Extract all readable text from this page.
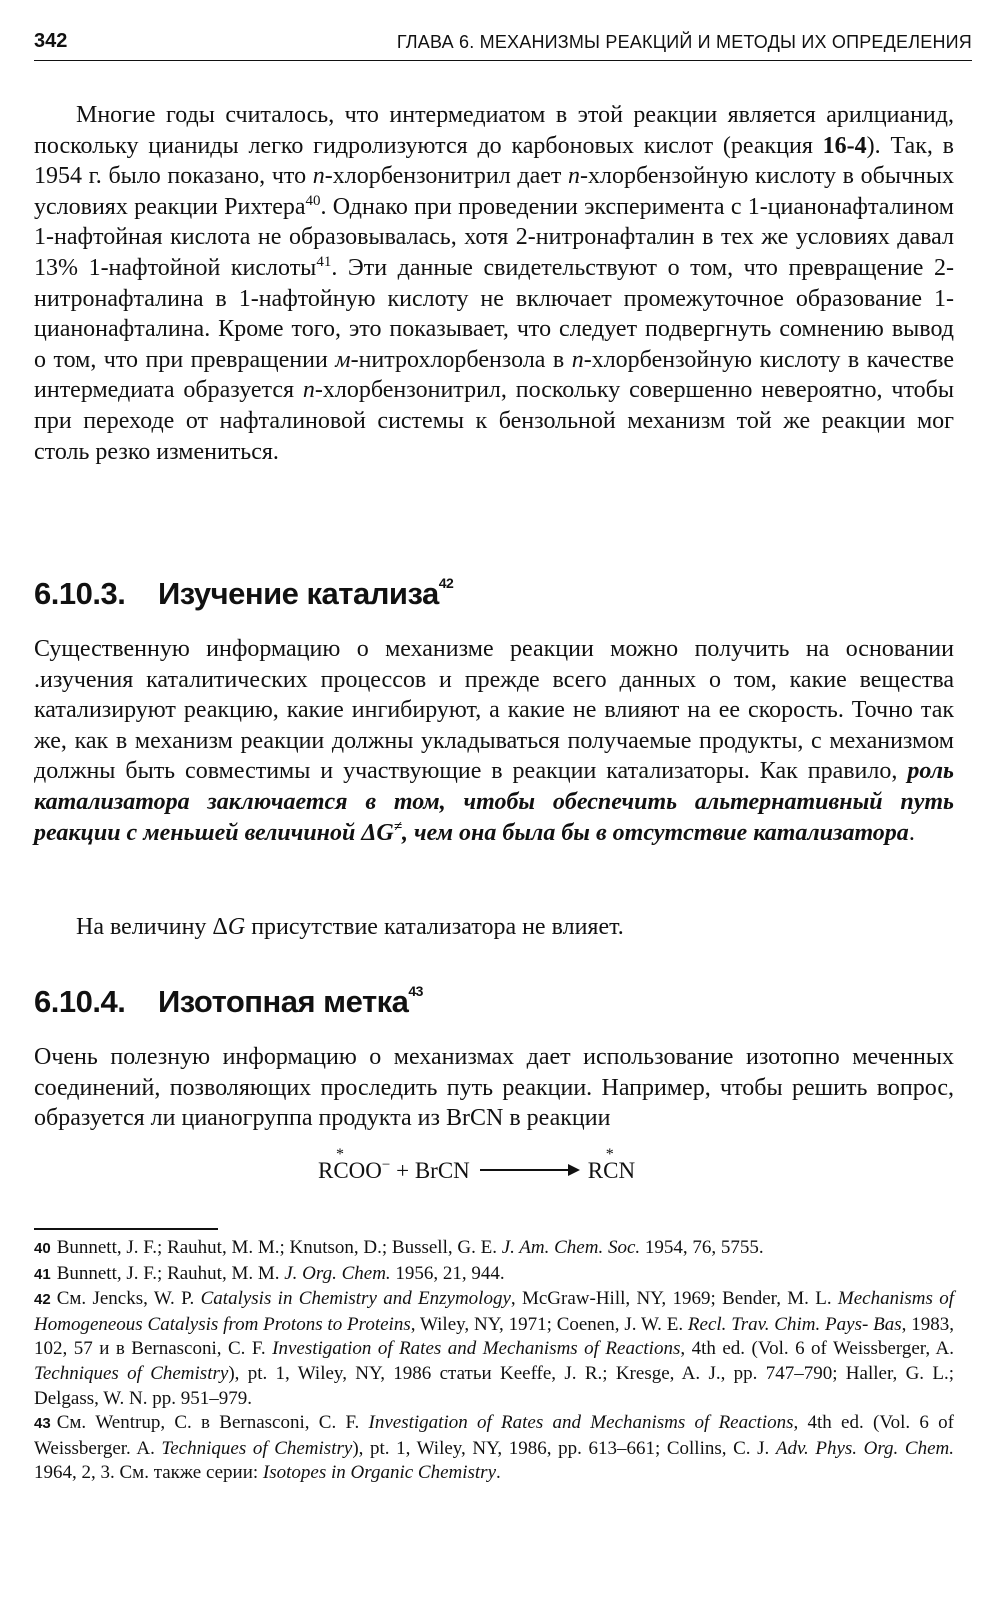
342	ГЛАВА 6. МЕХАНИЗМЫ РЕАКЦИЙ И МЕТОДЫ ИХ ОПРЕДЕЛЕНИЯ

Многие годы считалось, что интермедиатом в этой реакции является арилцианид, поскольку цианиды легко гидролизуются до карбоновых кислот (реакция 16-4). Так, в 1954 г. было показано, что п-хлорбензонитрил дает п-хлорбензойную кислоту в обычных условиях реакции Рихтера$^{40}$. Однако при проведении эксперимента с 1-цианонафталином 1-нафтойная кислота не образовывалась, хотя 2-нитронафталин в тех же условиях давал 13% 1-нафтойной кислоты$^{41}$. Эти данные свидетельствуют о том, что превращение 2-нитронафталина в 1-нафтойную кислоту не включает промежуточное образование 1-цианонафталина. Кроме того, это показывает, что следует подвергнуть сомнению вывод о том, что при превращении м-нитрохлорбензола в п-хлорбензойную кислоту в качестве интермедиата образуется п-хлорбензонитрил, поскольку совершенно невероятно, чтобы при переходе от нафталиновой системы к бензольной механизм той же реакции мог столь резко измениться.

6.10.3. Изучение катализа$^{42}$

Существенную информацию о механизме реакции можно получить на основании .изучения каталитических процессов и прежде всего данных о том, какие вещества катализируют реакцию, какие ингибируют, а какие не влияют на ее скорость. Точно так же, как в механизм реакции должны укладываться получаемые продукты, с механизмом должны быть совместимы и участвующие в реакции катализаторы. Как правило, роль катализатора заключается в том, чтобы обеспечить альтернативный путь реакции с меньшей величиной ΔG≠, чем она была бы в отсутствие катализатора.

На величину ΔG присутствие катализатора не влияет.

6.10.4. Изотопная метка$^{43}$

Очень полезную информацию о механизмах дает использование изотопно меченных соединений, позволяющих проследить путь реакции. Например, чтобы решить вопрос, образуется ли цианогруппа продукта из BrCN в реакции

*
RCOO− + BrCN
*
RCN

40 Bunnett, J. F.; Rauhut, M. M.; Knutson, D.; Bussell, G. E. J. Am. Chem. Soc. 1954, 76, 5755.

41 Bunnett, J. F.; Rauhut, M. M. J. Org. Chem. 1956, 21, 944.

42 См. Jencks, W. P. Catalysis in Chemistry and Enzymology, McGraw-Hill, NY, 1969; Bender, M. L. Mechanisms of Homogeneous Catalysis from Protons to Proteins, Wiley, NY, 1971; Coenen, J. W. E. Recl. Trav. Chim. Pays- Bas, 1983, 102, 57 и в Bernasconi, C. F. Investigation of Rates and Mechanisms of Reactions, 4th ed. (Vol. 6 of Weissberger, A. Techniques of Chemistry), pt. 1, Wiley, NY, 1986 статьи Keeffe, J. R.; Kresge, A. J., pp. 747–790; Haller, G. L.; Delgass, W. N. pp. 951–979.

43 См. Wentrup, C. в Bernasconi, C. F. Investigation of Rates and Mechanisms of Reactions, 4th ed. (Vol. 6 of Weissberger. A. Techniques of Chemistry), pt. 1, Wiley, NY, 1986, pp. 613–661; Collins, C. J. Adv. Phys. Org. Chem. 1964, 2, 3. См. также серии: Isotopes in Organic Chemistry.
